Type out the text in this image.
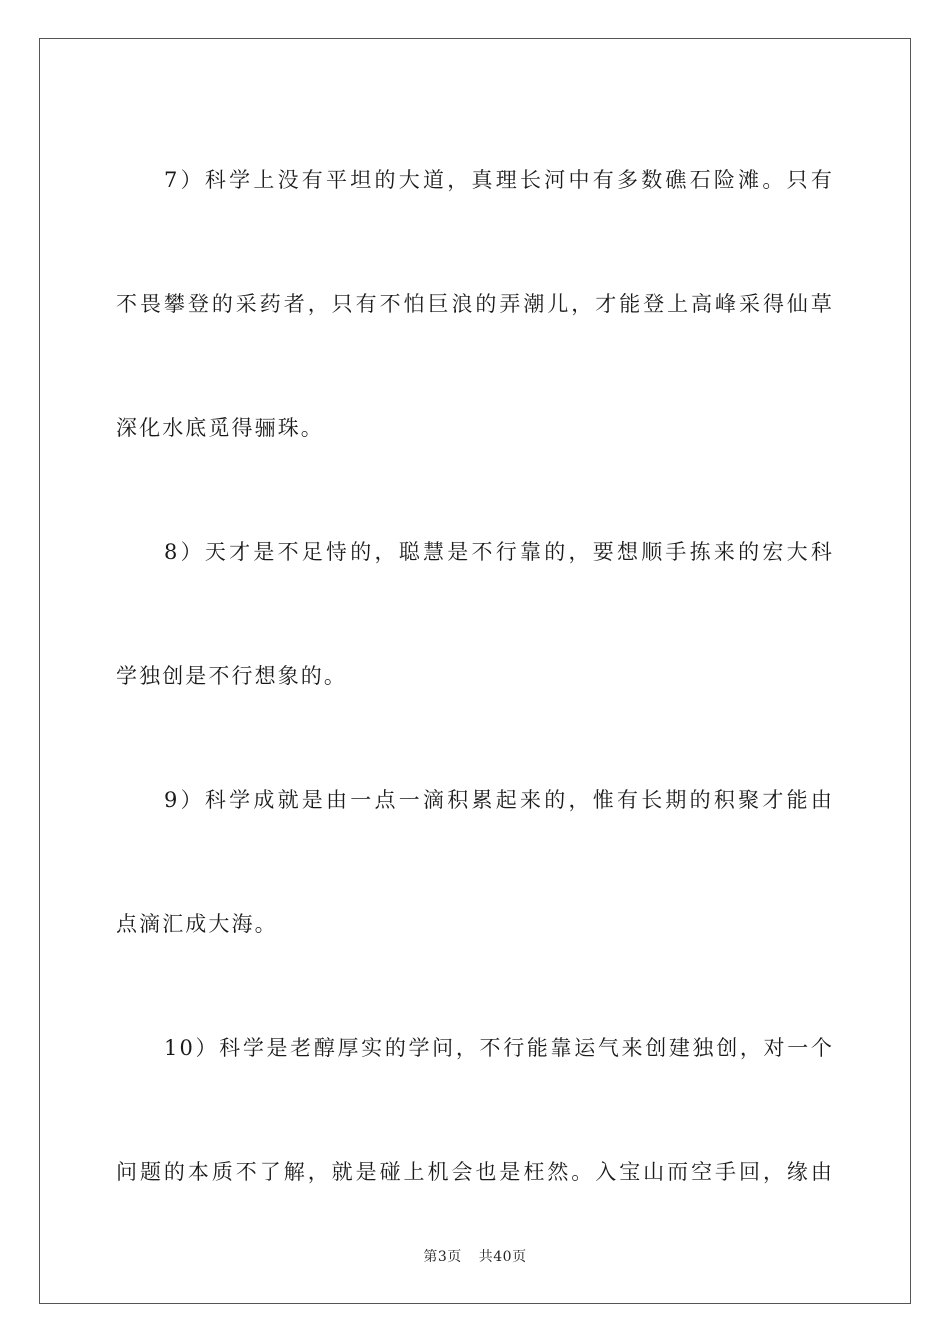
7）科学上没有平坦的大道，真理长河中有多数礁石险滩。只有
不畏攀登的采药者，只有不怕巨浪的弄潮儿，才能登上高峰采得仙草
深化水底觅得骊珠。

8）天才是不足恃的，聪慧是不行靠的，要想顺手拣来的宏大科
学独创是不行想象的。

9）科学成就是由一点一滴积累起来的，惟有长期的积聚才能由
点滴汇成大海。

10）科学是老醇厚实的学问，不行能靠运气来创建独创，对一个
问题的本质不了解，就是碰上机会也是枉然。入宝山而空手回，缘由

第3页 共40页
